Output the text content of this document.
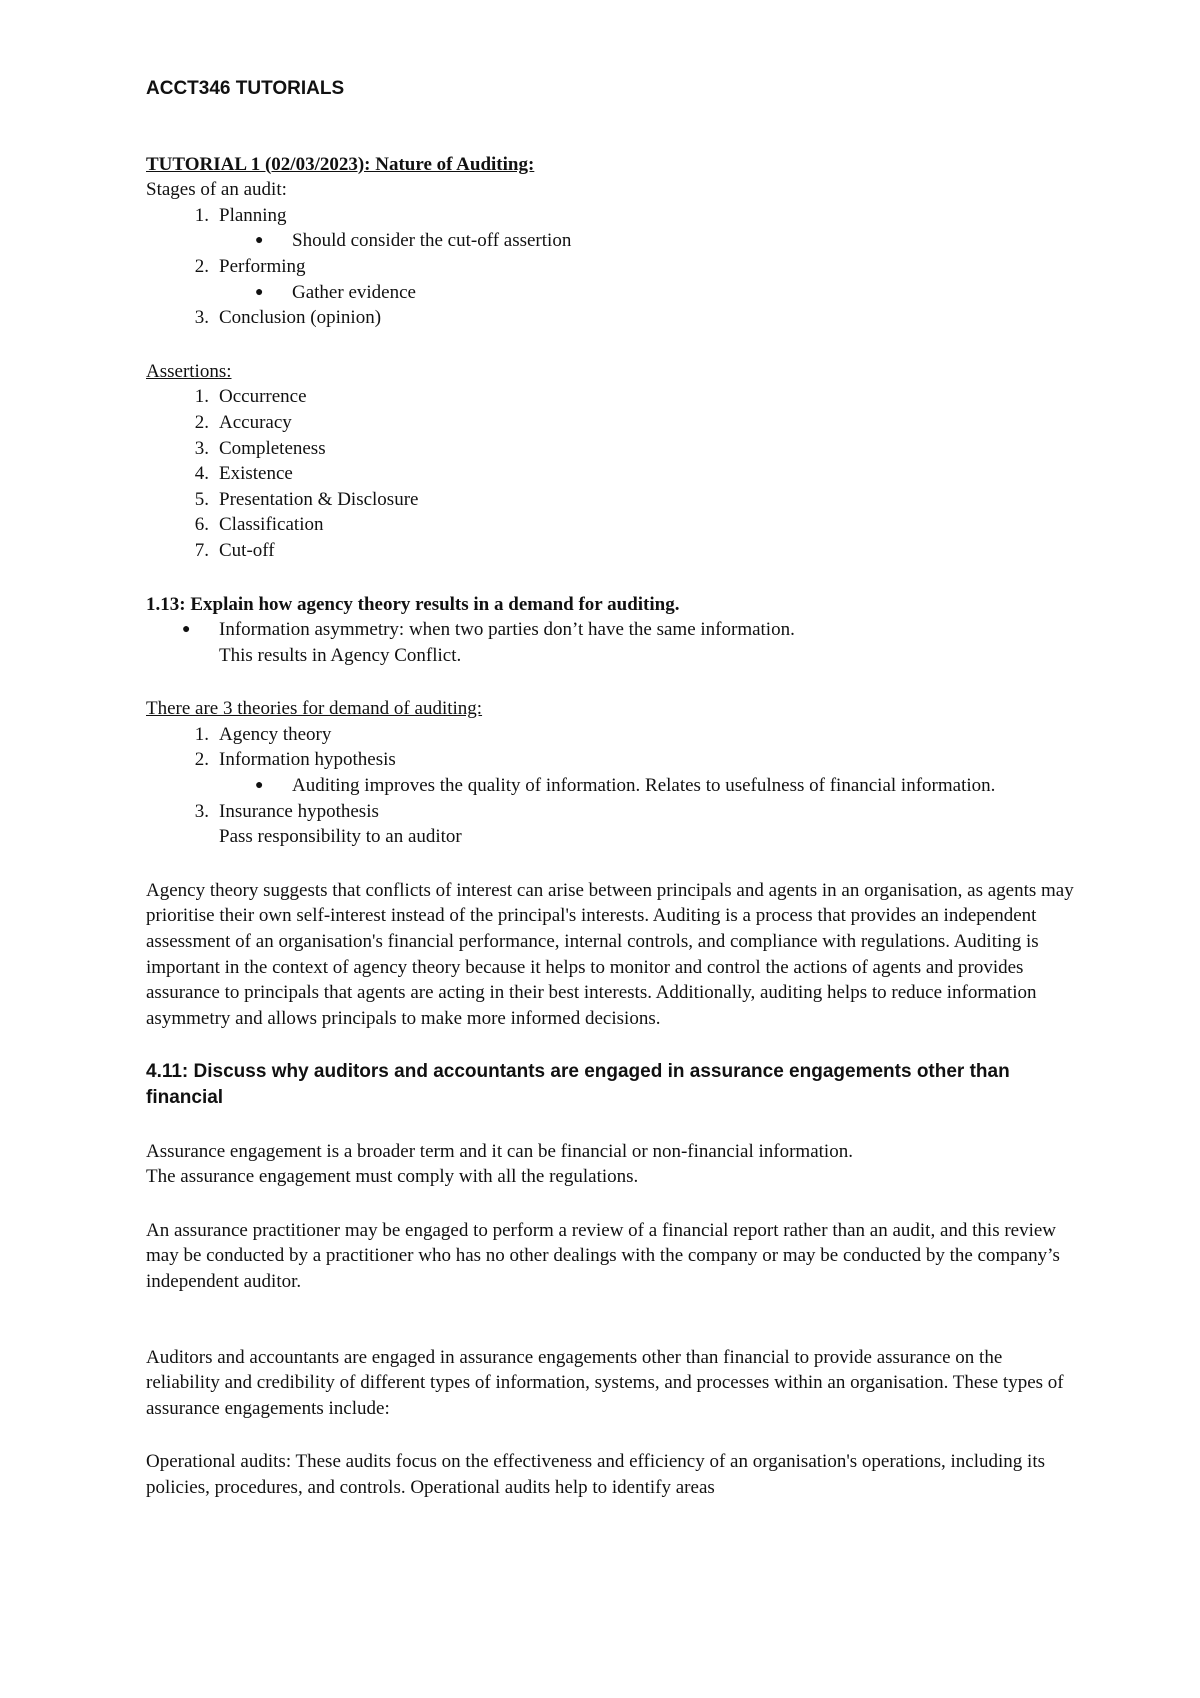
ACCT346 TUTORIALS
TUTORIAL 1 (02/03/2023): Nature of Auditing:
Stages of an audit:
1. Planning
● Should consider the cut-off assertion
2. Performing
● Gather evidence
3. Conclusion (opinion)
Assertions:
1. Occurrence
2. Accuracy
3. Completeness
4. Existence
5. Presentation & Disclosure
6. Classification
7. Cut-off
1.13: Explain how agency theory results in a demand for auditing.
● Information asymmetry: when two parties don’t have the same information.
This results in Agency Conflict.
There are 3 theories for demand of auditing:
1. Agency theory
2. Information hypothesis
● Auditing improves the quality of information. Relates to usefulness of financial information.
3. Insurance hypothesis
Pass responsibility to an auditor

Agency theory suggests that conflicts of interest can arise between principals and agents in an organisation, as agents may prioritise their own self-interest instead of the principal's interests. Auditing is a process that provides an independent assessment of an organisation's financial performance, internal controls, and compliance with regulations. Auditing is important in the context of agency theory because it helps to monitor and control the actions of agents and provides assurance to principals that agents are acting in their best interests. Additionally, auditing helps to reduce information asymmetry and allows principals to make more informed decisions.

4.11: Discuss why auditors and accountants are engaged in assurance engagements other than financial
Assurance engagement is a broader term and it can be financial or non-financial information.
The assurance engagement must comply with all the regulations.

An assurance practitioner may be engaged to perform a review of a financial report rather than an audit, and this review may be conducted by a practitioner who has no other dealings with the company or may be conducted by the company’s independent auditor.

Auditors and accountants are engaged in assurance engagements other than financial to provide assurance on the reliability and credibility of different types of information, systems, and processes within an organisation. These types of assurance engagements include:

Operational audits: These audits focus on the effectiveness and efficiency of an organisation's operations, including its policies, procedures, and controls. Operational audits help to identify areas
